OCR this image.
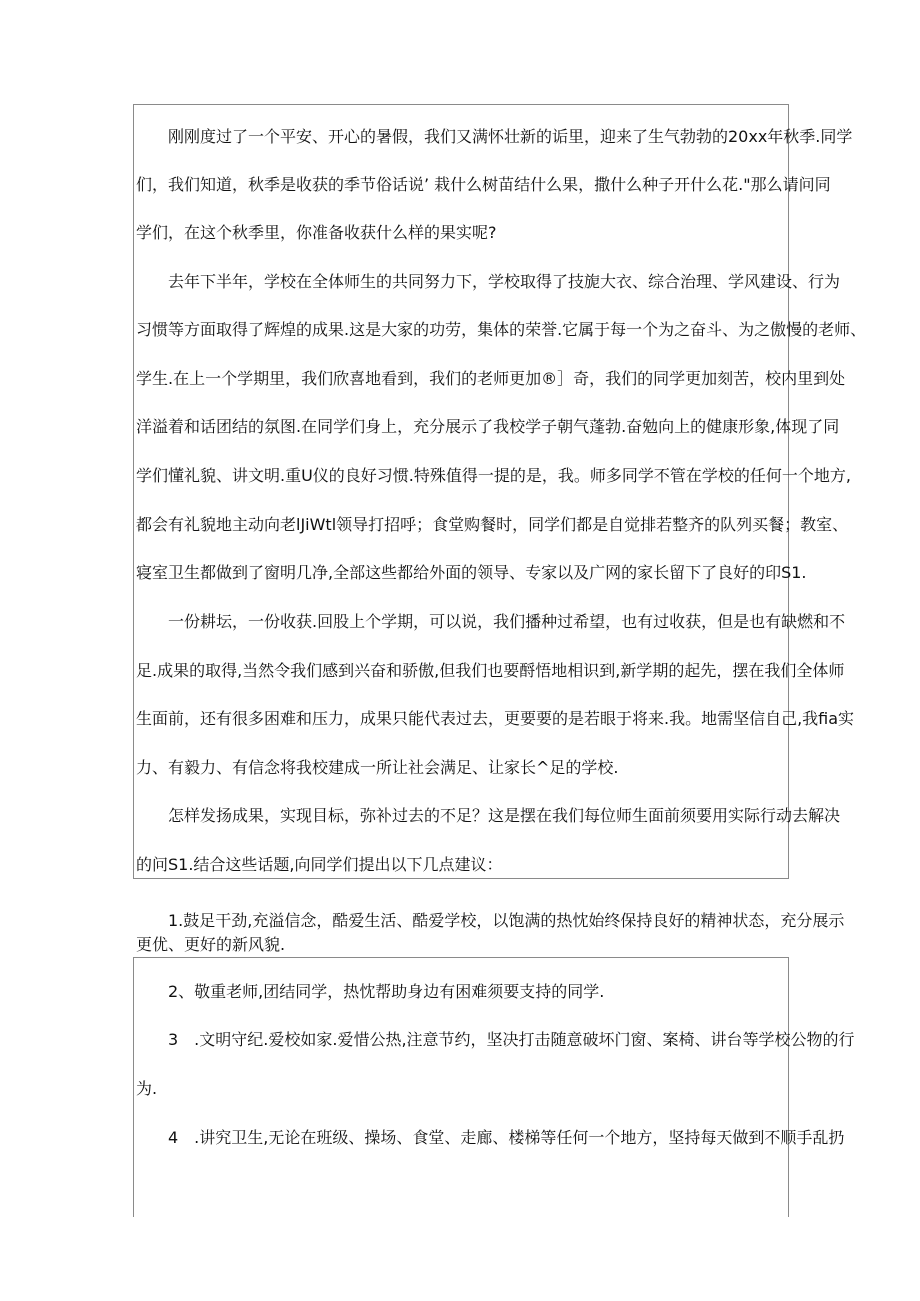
刚刚度过了一个平安、开心的暑假，我们又满怀壮新的诟里，迎来了生气勃勃的20xx年秋季.同学
们，我们知道，秋季是收获的季节俗话说’ 栽什么树苗结什么果，撒什么种子开什么花."那么请问同
学们，在这个秋季里，你准备收获什么样的果实呢?
去年下半年，学校在全体师生的共同努力下，学校取得了技旎大衣、综合治理、学风建设、行为
习惯等方面取得了辉煌的成果.这是大家的功劳，集体的荣誉.它属于每一个为之奋斗、为之傲慢的老师、
学生.在上一个学期里，我们欣喜地看到，我们的老师更加®］奇，我们的同学更加刻苦，校内里到处
洋溢着和话团结的氛图.在同学们身上，充分展示了我校学子朝气蓬勃.奋勉向上的健康形象,体现了同
学们懂礼貌、讲文明.重U仪的良好习惯.特殊值得一提的是，我。师多同学不管在学校的任何一个地方,
都会有礼貌地主动向老lJiWtl领导打招呼；食堂购餐时，同学们都是自觉排若整齐的队列买餐；教室、
寝室卫生都做到了窗明几净,全部这些都给外面的领导、专家以及广网的家长留下了良好的印S1.
一份耕坛，一份收获.回股上个学期，可以说，我们播种过希望，也有过收获，但是也有缺燃和不
足.成果的取得,当然令我们感到兴奋和骄傲,但我们也要酹悟地相识到,新学期的起先，摆在我们全体师
生面前，还有很多困难和压力，成果只能代表过去，更要要的是若眼于将来.我。地需坚信自己,我fia实
力、有毅力、有信念将我校建成一所让社会满足、让家长^足的学校.
怎样发扬成果，实现目标，弥补过去的不足？这是摆在我们每位师生面前须要用实际行动去解决
的问S1.结合这些话题,向同学们提出以下几点建议：
1.鼓足干劲,充溢信念，酷爱生活、酷爱学校，以饱满的热忱始终保持良好的精神状态，充分展示
更优、更好的新风貌.
2、敬重老师,团结同学，热忱帮助身边有困难须要支持的同学.
3　.文明守纪.爱校如家.爱惜公热,注意节约，坚决打击随意破坏门窗、案椅、讲台等学校公物的行
为.
4　.讲究卫生,无论在班级、操场、食堂、走廊、楼梯等任何一个地方，坚持每天做到不顺手乱扔
